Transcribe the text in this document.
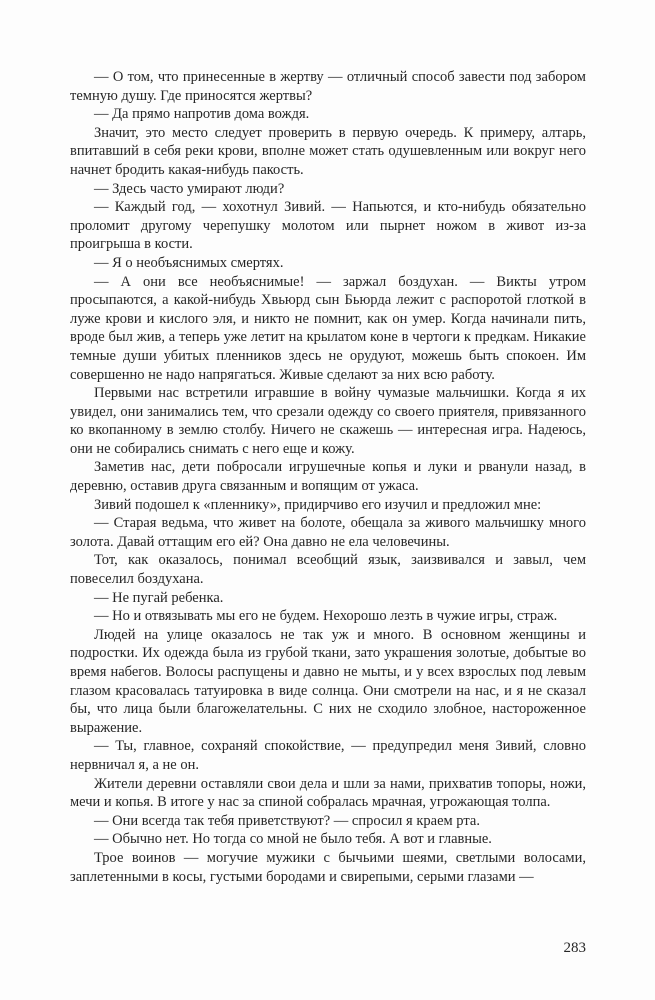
— О том, что принесенные в жертву — отличный способ завести под забором темную душу. Где приносятся жертвы?

— Да прямо напротив дома вождя.

Значит, это место следует проверить в первую очередь. К примеру, алтарь, впитавший в себя реки крови, вполне может стать одушевленным или вокруг него начнет бродить какая-нибудь пакость.

— Здесь часто умирают люди?

— Каждый год, — хохотнул Зивий. — Напьются, и кто-нибудь обязательно проломит другому черепушку молотом или пырнет ножом в живот из-за проигрыша в кости.

— Я о необъяснимых смертях.

— А они все необъяснимые! — заржал боздухан. — Викты утром просыпаются, а какой-нибудь Хвьюрд сын Бьюрда лежит с распоротой глоткой в луже крови и кислого эля, и никто не помнит, как он умер. Когда начинали пить, вроде был жив, а теперь уже летит на крылатом коне в чертоги к предкам. Никакие темные души убитых пленников здесь не орудуют, можешь быть спокоен. Им совершенно не надо напрягаться. Живые сделают за них всю работу.

Первыми нас встретили игравшие в войну чумазые мальчишки. Когда я их увидел, они занимались тем, что срезали одежду со своего приятеля, привязанного ко вкопанному в землю столбу. Ничего не скажешь — интересная игра. Надеюсь, они не собирались снимать с него еще и кожу.

Заметив нас, дети побросали игрушечные копья и луки и рванули назад, в деревню, оставив друга связанным и вопящим от ужаса.

Зивий подошел к «пленнику», придирчиво его изучил и предложил мне:

— Старая ведьма, что живет на болоте, обещала за живого мальчишку много золота. Давай оттащим его ей? Она давно не ела человечины.

Тот, как оказалось, понимал всеобщий язык, заизвивался и завыл, чем повеселил боздухана.

— Не пугай ребенка.

— Но и отвязывать мы его не будем. Нехорошо лезть в чужие игры, страж.

Людей на улице оказалось не так уж и много. В основном женщины и подростки. Их одежда была из грубой ткани, зато украшения золотые, добытые во время набегов. Волосы распущены и давно не мыты, и у всех взрослых под левым глазом красовалась татуировка в виде солнца. Они смотрели на нас, и я не сказал бы, что лица были благожелательны. С них не сходило злобное, настороженное выражение.

— Ты, главное, сохраняй спокойствие, — предупредил меня Зивий, словно нервничал я, а не он.

Жители деревни оставляли свои дела и шли за нами, прихватив топоры, ножи, мечи и копья. В итоге у нас за спиной собралась мрачная, угрожающая толпа.

— Они всегда так тебя приветствуют? — спросил я краем рта.

— Обычно нет. Но тогда со мной не было тебя. А вот и главные.

Трое воинов — могучие мужики с бычьими шеями, светлыми волосами, заплетенными в косы, густыми бородами и свирепыми, серыми глазами —

283
